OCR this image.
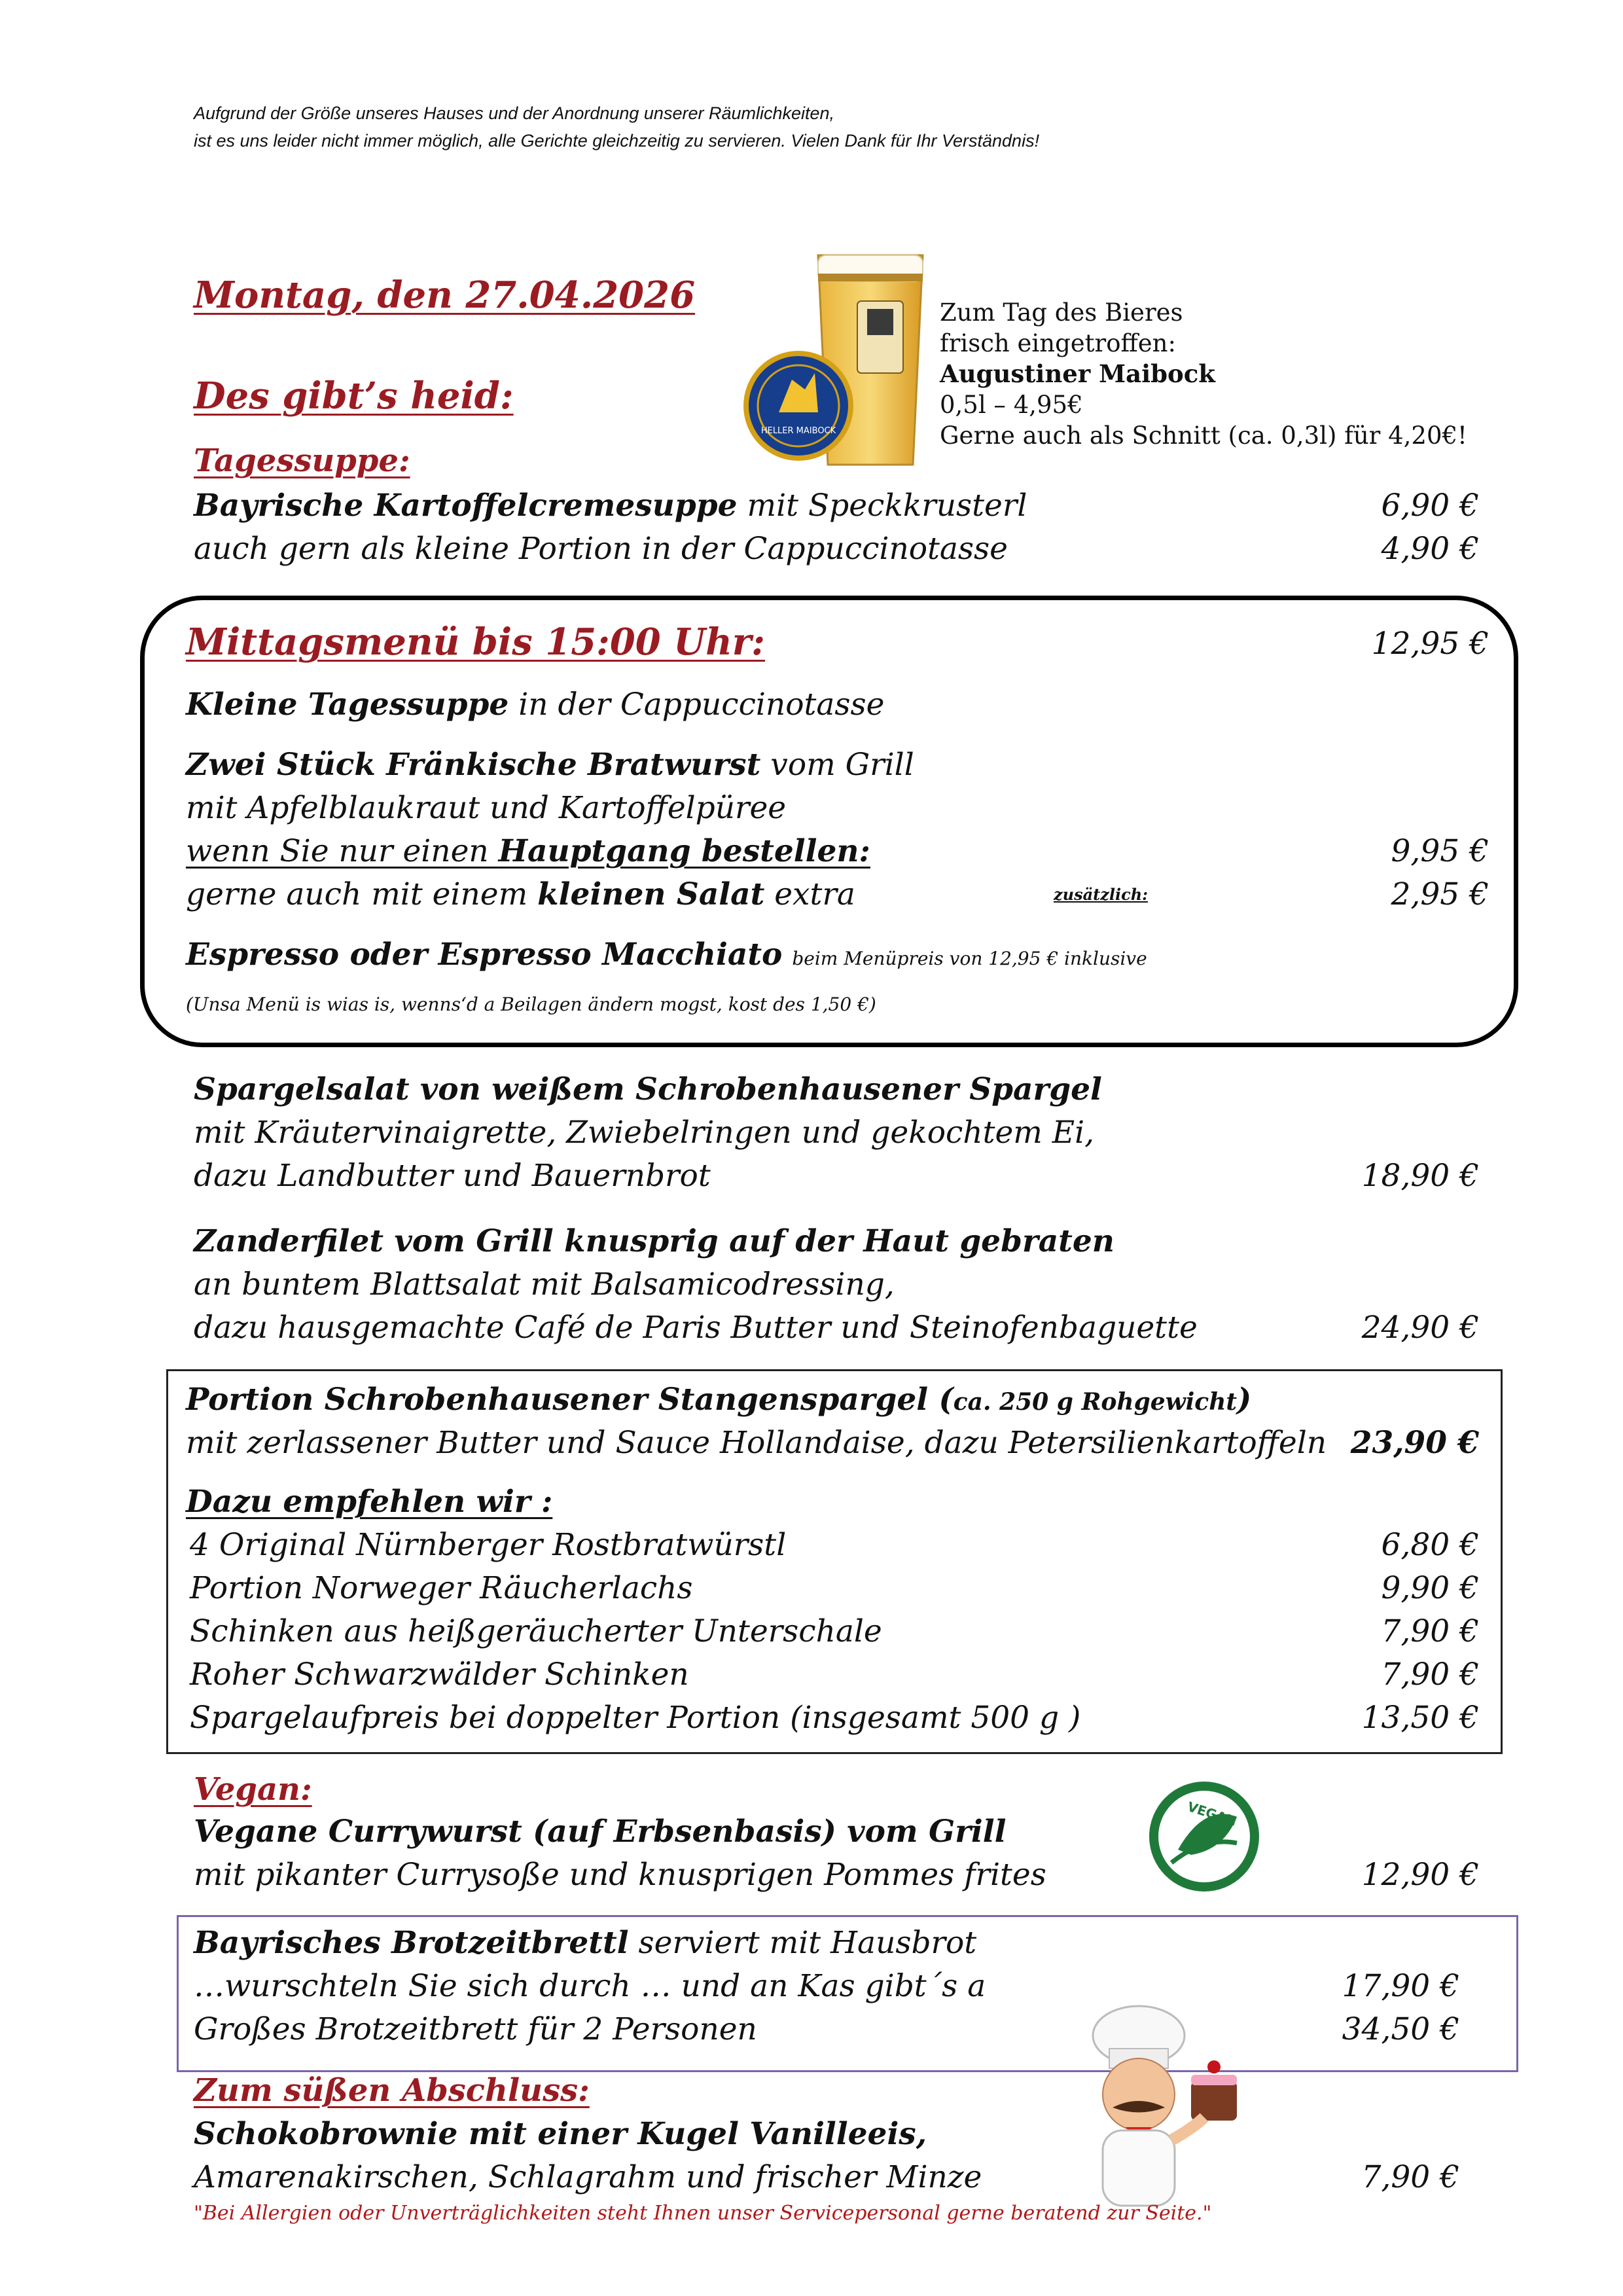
Aufgrund der Größe unseres Hauses und der Anordnung unserer Räumlichkeiten,
ist es uns leider nicht immer möglich, alle Gerichte gleichzeitig zu servieren. Vielen Dank für Ihr Verständnis!
Montag, den 27.04.2026
Des gibt’s heid:
HELLER MAIBOCK
Zum Tag des Bieres
frisch eingetroffen:
Augustiner Maibock
0,5l – 4,95€
Gerne auch als Schnitt (ca. 0,3l) für 4,20€!
Tagessuppe:
Bayrische Kartoffelcremesuppe mit Speckkrusterl	6,90 €
auch gern als kleine Portion in der Cappuccinotasse	4,90 €
Mittagsmenü bis 15:00 Uhr:	12,95 €
Kleine Tagessuppe in der Cappuccinotasse
Zwei Stück Fränkische Bratwurst vom Grill
mit Apfelblaukraut und Kartoffelpüree
wenn Sie nur einen Hauptgang bestellen:	9,95 €
gerne auch mit einem kleinen Salat extra	zusätzlich:	2,95 €
Espresso oder Espresso Macchiato beim Menüpreis von 12,95 € inklusive
(Unsa Menü is wias is, wenns‘d a Beilagen ändern mogst, kost des 1,50 €)
Spargelsalat von weißem Schrobenhausener Spargel
mit Kräutervinaigrette, Zwiebelringen und gekochtem Ei,
dazu Landbutter und Bauernbrot	18,90 €
Zanderfilet vom Grill knusprig auf der Haut gebraten
an buntem Blattsalat mit Balsamicodressing,
dazu hausgemachte Café de Paris Butter und Steinofenbaguette	24,90 €
Portion Schrobenhausener Stangenspargel (ca. 250 g Rohgewicht)
mit zerlassener Butter und Sauce Hollandaise, dazu Petersilienkartoffeln 23,90 €
Dazu empfehlen wir :
4 Original Nürnberger Rostbratwürstl	6,80 €
Portion Norweger Räucherlachs	9,90 €
Schinken aus heißgeräucherter Unterschale	7,90 €
Roher Schwarzwälder Schinken	7,90 €
Spargelaufpreis bei doppelter Portion (insgesamt 500 g )	13,50 €
Vegan:
Vegane Currywurst (auf Erbsenbasis) vom Grill
mit pikanter Currysoße und knusprigen Pommes frites	12,90 €
VEGAN
Bayrisches Brotzeitbrettl serviert mit Hausbrot
…wurschteln Sie sich durch … und an Kas gibt´s a	17,90 €
Großes Brotzeitbrett für 2 Personen	34,50 €
Zum süßen Abschluss:
Schokobrownie mit einer Kugel Vanilleeis,
Amarenakirschen, Schlagrahm und frischer Minze	7,90 €
"Bei Allergien oder Unverträglichkeiten steht Ihnen unser Servicepersonal gerne beratend zur Seite."
